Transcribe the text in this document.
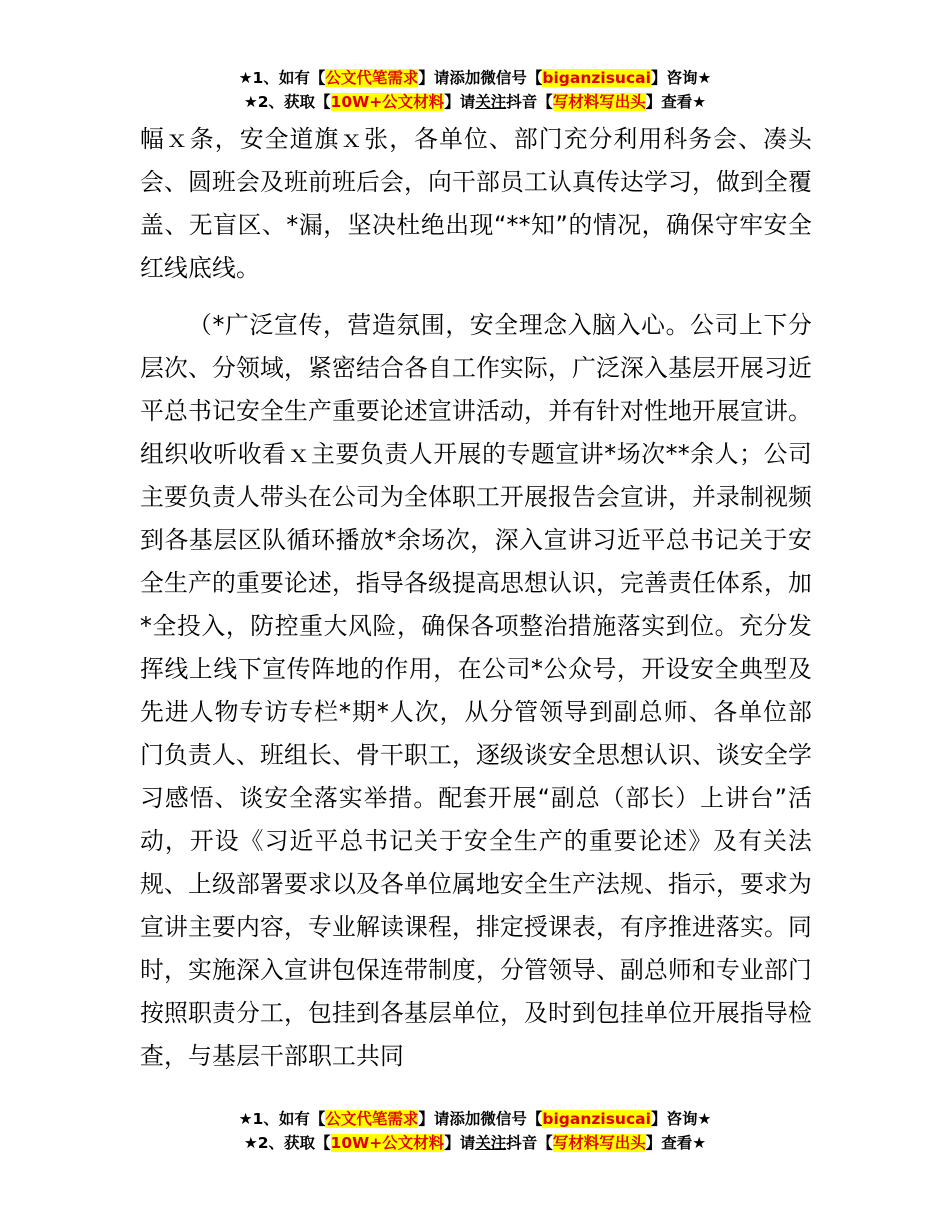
★1、如有【公文代笔需求】请添加微信号【biganzisucai】咨询★
★2、获取【10W+公文材料】请关注抖音【写材料写出头】查看★

幅ｘ条，安全道旗ｘ张，各单位、部门充分利用科务会、凑头会、圆班会及班前班后会，向干部员工认真传达学习，做到全覆盖、无盲区、*漏，坚决杜绝出现“**知”的情况，确保守牢安全红线底线。

（*广泛宣传，营造氛围，安全理念入脑入心。公司上下分层次、分领域，紧密结合各自工作实际，广泛深入基层开展习近平总书记安全生产重要论述宣讲活动，并有针对性地开展宣讲。组织收听收看ｘ主要负责人开展的专题宣讲*场次**余人；公司主要负责人带头在公司为全体职工开展报告会宣讲，并录制视频到各基层区队循环播放*余场次，深入宣讲习近平总书记关于安全生产的重要论述，指导各级提高思想认识，完善责任体系，加*全投入，防控重大风险，确保各项整治措施落实到位。充分发挥线上线下宣传阵地的作用，在公司*公众号，开设安全典型及先进人物专访专栏*期*人次，从分管领导到副总师、各单位部门负责人、班组长、骨干职工，逐级谈安全思想认识、谈安全学习感悟、谈安全落实举措。配套开展“副总（部长）上讲台”活动，开设《习近平总书记关于安全生产的重要论述》及有关法规、上级部署要求以及各单位属地安全生产法规、指示，要求为宣讲主要内容，专业解读课程，排定授课表，有序推进落实。同时，实施深入宣讲包保连带制度，分管领导、副总师和专业部门按照职责分工，包挂到各基层单位，及时到包挂单位开展指导检查，与基层干部职工共同

★1、如有【公文代笔需求】请添加微信号【biganzisucai】咨询★
★2、获取【10W+公文材料】请关注抖音【写材料写出头】查看★
